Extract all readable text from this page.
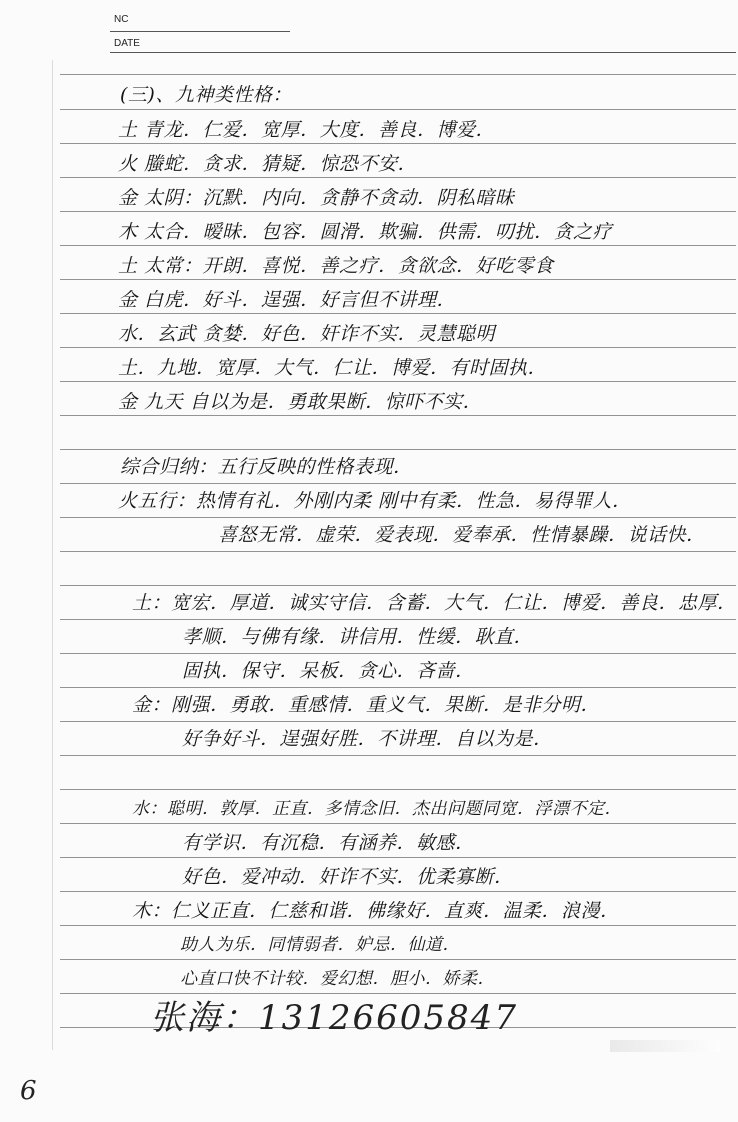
NC
DATE
(三)、九神类性格：
土 青龙．仁爱．宽厚．大度．善良．博爱．
火 螣蛇．贪求．猜疑．惊恐不安．
金 太阴：沉默．内向．贪静不贪动．阴私暗昧
木 太合．暧昧．包容．圆滑．欺骗．供需．叨扰．贪之疗
土 太常：开朗．喜悦．善之疗．贪欲念．好吃零食
金 白虎．好斗．逞强．好言但不讲理．
水．玄武 贪婪．好色．奸诈不实．灵慧聪明
土．九地．宽厚．大气．仁让．博爱．有时固执．
金 九天 自以为是．勇敢果断．惊吓不实．
综合归纳：五行反映的性格表现．
火五行：热情有礼．外刚内柔 刚中有柔．性急．易得罪人．
喜怒无常．虚荣．爱表现．爱奉承．性情暴躁．说话快．
土：宽宏．厚道．诚实守信．含蓄．大气．仁让．博爱．善良．忠厚．
孝顺．与佛有缘．讲信用．性缓．耿直．
固执．保守．呆板．贪心．吝啬．
金：刚强．勇敢．重感情．重义气．果断．是非分明．
好争好斗．逞强好胜．不讲理．自以为是．
水：聪明．敦厚．正直．多情念旧．杰出问题同宽．浮漂不定．
有学识．有沉稳．有涵养．敏感．
好色．爱冲动．奸诈不实．优柔寡断．
木：仁义正直．仁慈和谐．佛缘好．直爽．温柔．浪漫．
助人为乐．同情弱者．妒忌．仙道．
心直口快不计较．爱幻想．胆小．娇柔．
张海：13126605847
6
